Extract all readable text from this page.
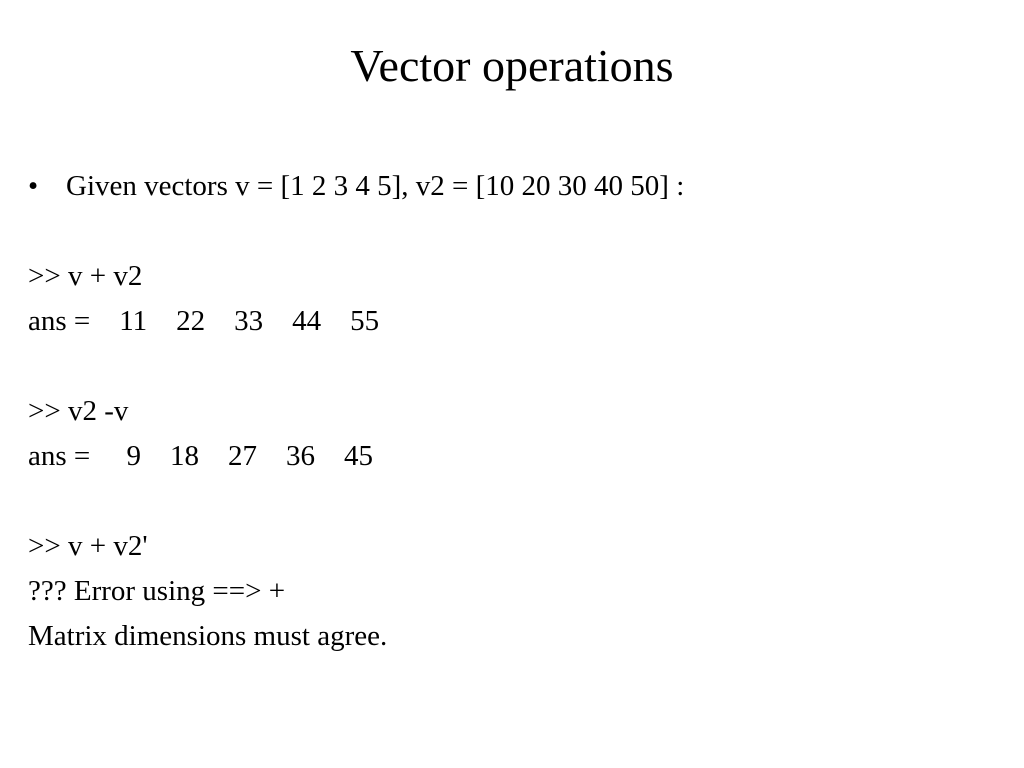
Vector operations
• Given vectors v = [1 2 3 4 5], v2 = [10 20 30 40 50] :
>> v + v2
ans =    11    22    33    44    55
>> v2 -v
ans =     9    18    27    36    45
>> v + v2'
??? Error using ==> +
Matrix dimensions must agree.
